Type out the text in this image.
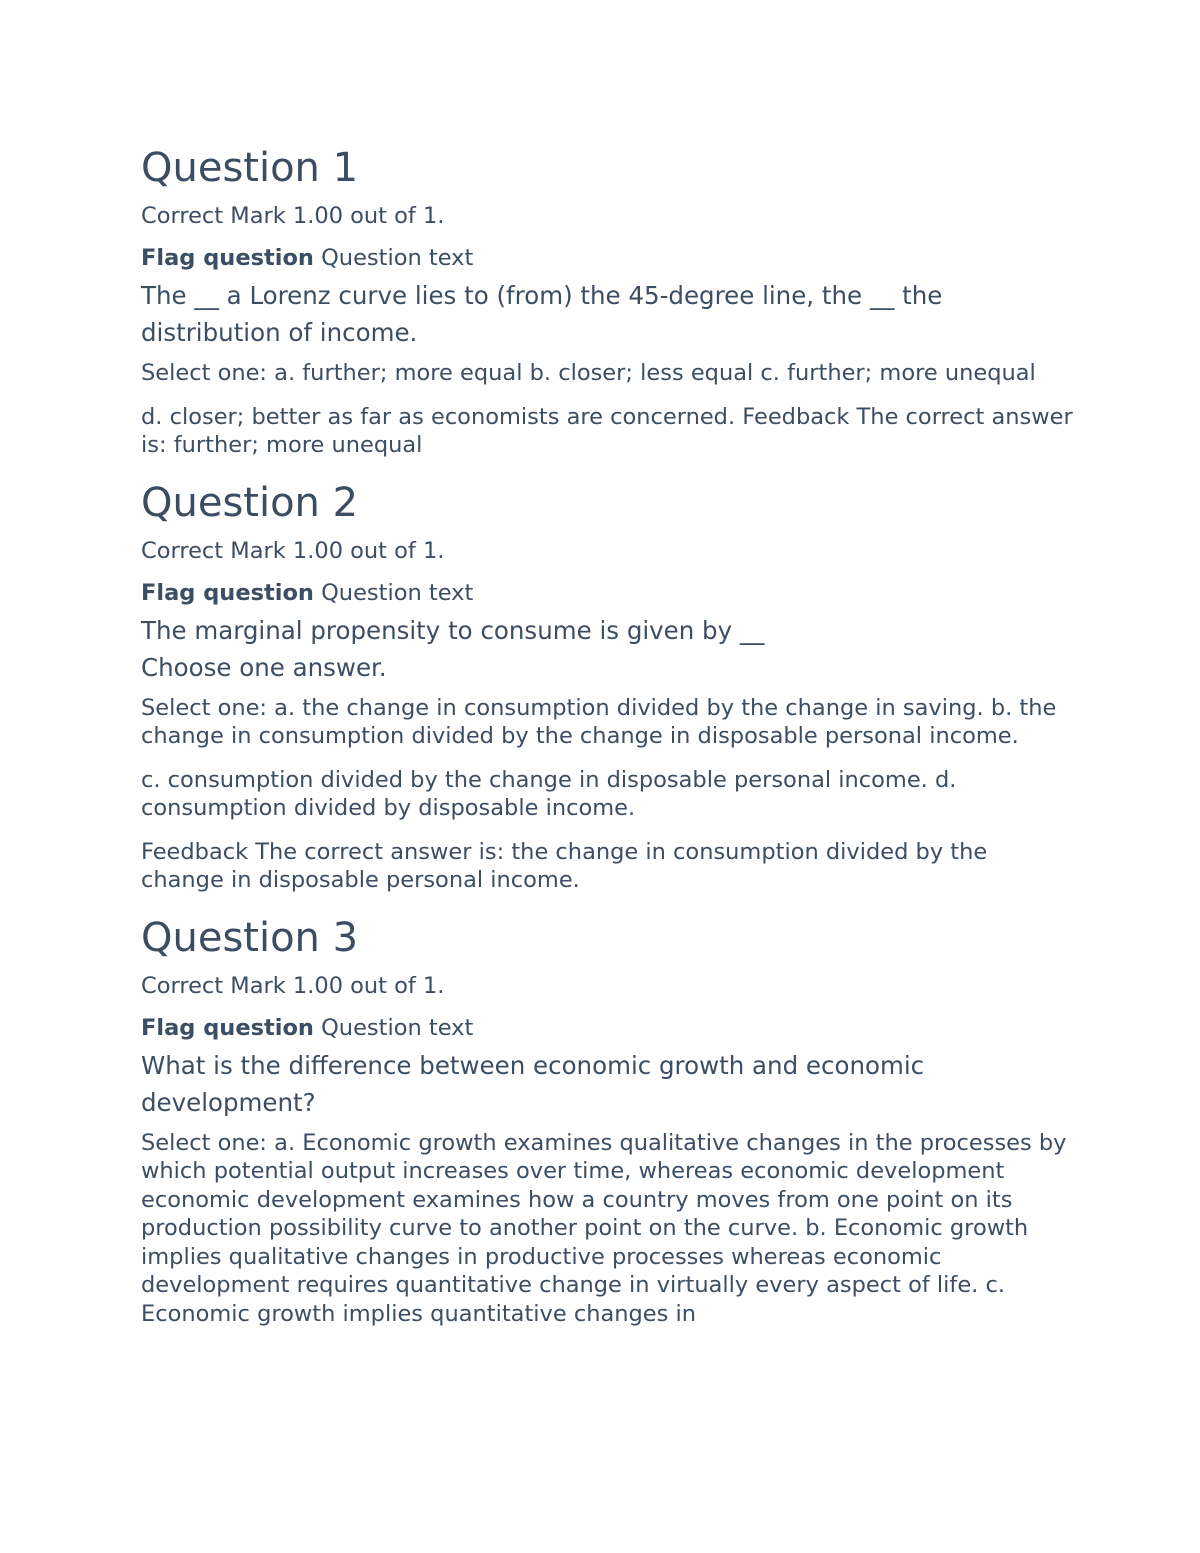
Question 1

Correct Mark 1.00 out of 1.

Flag question Question text

The __ a Lorenz curve lies to (from) the 45-degree line, the __ the distribution of income.

Select one: a. further; more equal b. closer; less equal c. further; more unequal

d. closer; better as far as economists are concerned. Feedback The correct answer is: further; more unequal

Question 2

Correct Mark 1.00 out of 1.

Flag question Question text

The marginal propensity to consume is given by __

Choose one answer.

Select one: a. the change in consumption divided by the change in saving. b. the change in consumption divided by the change in disposable personal income.

c. consumption divided by the change in disposable personal income. d. consumption divided by disposable income.

Feedback The correct answer is: the change in consumption divided by the change in disposable personal income.

Question 3

Correct Mark 1.00 out of 1.

Flag question Question text

What is the difference between economic growth and economic development?

Select one: a. Economic growth examines qualitative changes in the processes by which potential output increases over time, whereas economic development economic development examines how a country moves from one point on its production possibility curve to another point on the curve. b. Economic growth implies qualitative changes in productive processes whereas economic development requires quantitative change in virtually every aspect of life. c. Economic growth implies quantitative changes in
